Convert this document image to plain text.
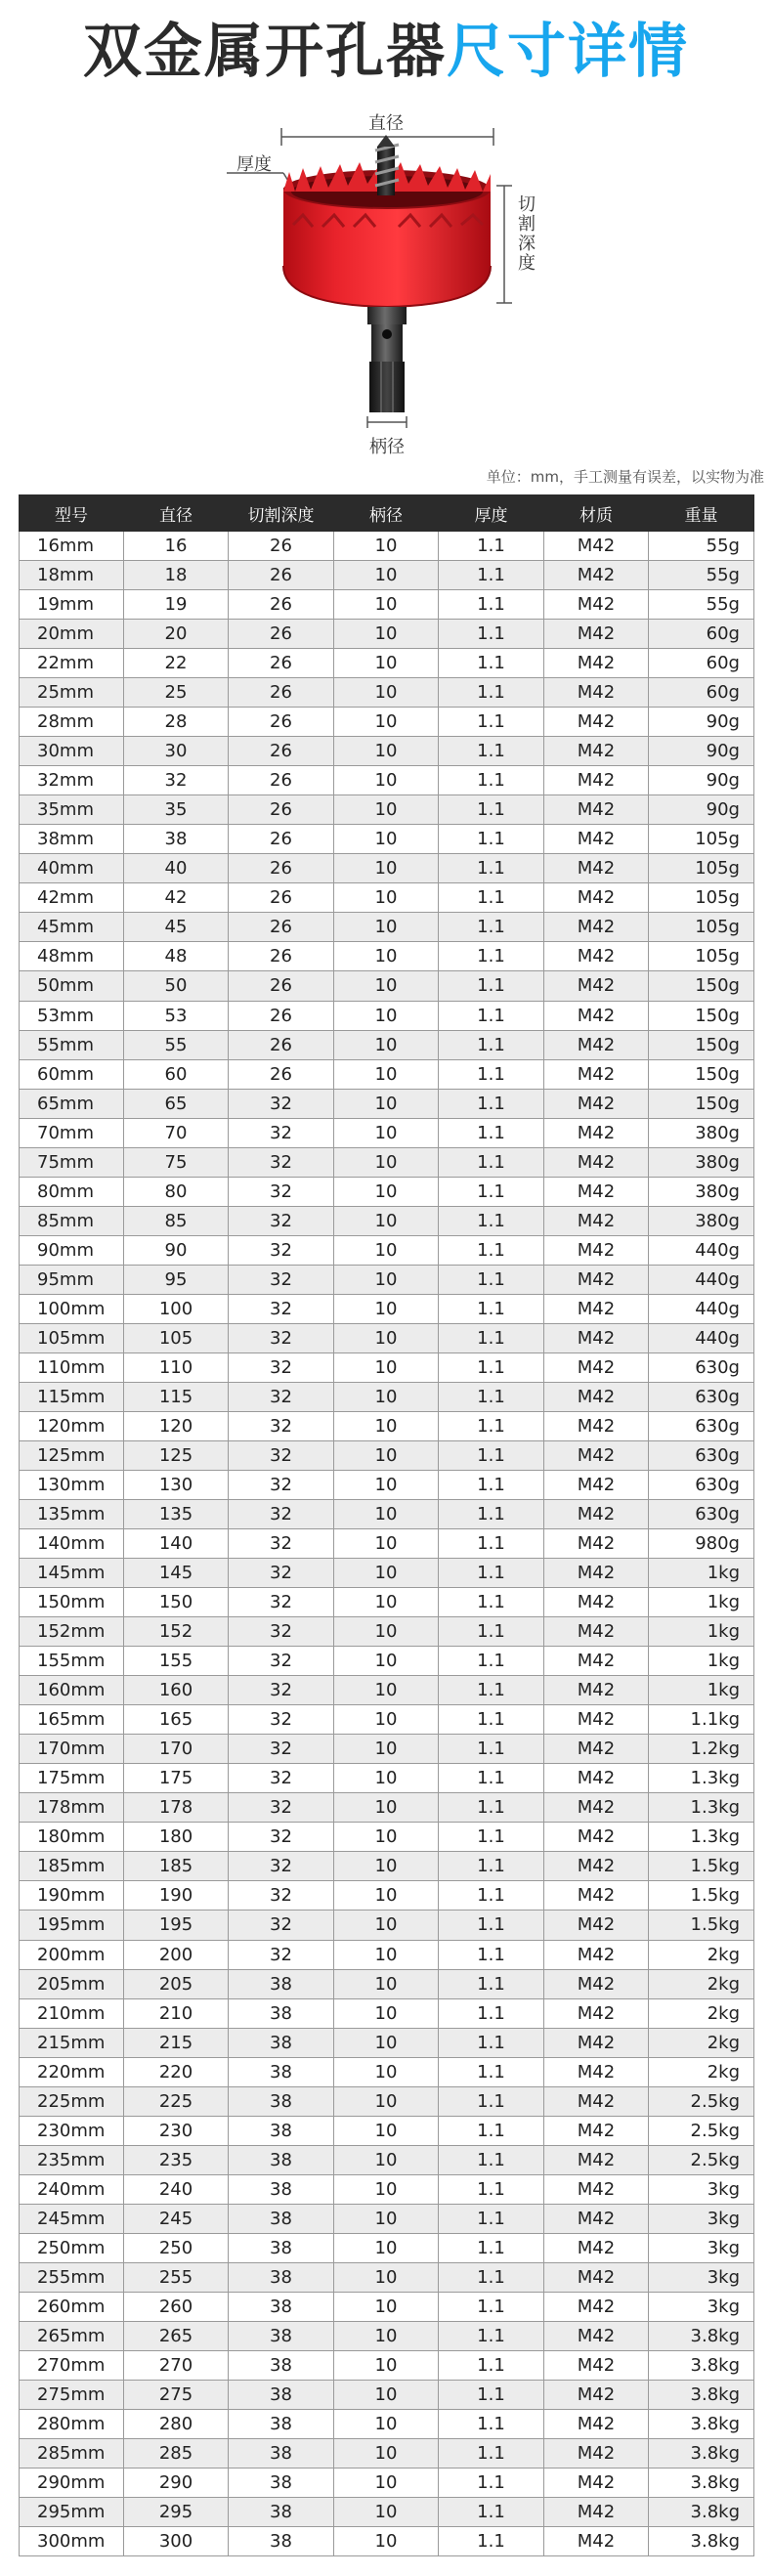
双金属开孔器尺寸详情
直径
厚度
切割深度
柄径
单位：mm，手工测量有误差，以实物为准
型号	直径	切割深度	柄径	厚度	材质	重量
16mm	16	26	10	1.1	M42	55g
18mm	18	26	10	1.1	M42	55g
19mm	19	26	10	1.1	M42	55g
20mm	20	26	10	1.1	M42	60g
22mm	22	26	10	1.1	M42	60g
25mm	25	26	10	1.1	M42	60g
28mm	28	26	10	1.1	M42	90g
30mm	30	26	10	1.1	M42	90g
32mm	32	26	10	1.1	M42	90g
35mm	35	26	10	1.1	M42	90g
38mm	38	26	10	1.1	M42	105g
40mm	40	26	10	1.1	M42	105g
42mm	42	26	10	1.1	M42	105g
45mm	45	26	10	1.1	M42	105g
48mm	48	26	10	1.1	M42	105g
50mm	50	26	10	1.1	M42	150g
53mm	53	26	10	1.1	M42	150g
55mm	55	26	10	1.1	M42	150g
60mm	60	26	10	1.1	M42	150g
65mm	65	32	10	1.1	M42	150g
70mm	70	32	10	1.1	M42	380g
75mm	75	32	10	1.1	M42	380g
80mm	80	32	10	1.1	M42	380g
85mm	85	32	10	1.1	M42	380g
90mm	90	32	10	1.1	M42	440g
95mm	95	32	10	1.1	M42	440g
100mm	100	32	10	1.1	M42	440g
105mm	105	32	10	1.1	M42	440g
110mm	110	32	10	1.1	M42	630g
115mm	115	32	10	1.1	M42	630g
120mm	120	32	10	1.1	M42	630g
125mm	125	32	10	1.1	M42	630g
130mm	130	32	10	1.1	M42	630g
135mm	135	32	10	1.1	M42	630g
140mm	140	32	10	1.1	M42	980g
145mm	145	32	10	1.1	M42	1kg
150mm	150	32	10	1.1	M42	1kg
152mm	152	32	10	1.1	M42	1kg
155mm	155	32	10	1.1	M42	1kg
160mm	160	32	10	1.1	M42	1kg
165mm	165	32	10	1.1	M42	1.1kg
170mm	170	32	10	1.1	M42	1.2kg
175mm	175	32	10	1.1	M42	1.3kg
178mm	178	32	10	1.1	M42	1.3kg
180mm	180	32	10	1.1	M42	1.3kg
185mm	185	32	10	1.1	M42	1.5kg
190mm	190	32	10	1.1	M42	1.5kg
195mm	195	32	10	1.1	M42	1.5kg
200mm	200	32	10	1.1	M42	2kg
205mm	205	38	10	1.1	M42	2kg
210mm	210	38	10	1.1	M42	2kg
215mm	215	38	10	1.1	M42	2kg
220mm	220	38	10	1.1	M42	2kg
225mm	225	38	10	1.1	M42	2.5kg
230mm	230	38	10	1.1	M42	2.5kg
235mm	235	38	10	1.1	M42	2.5kg
240mm	240	38	10	1.1	M42	3kg
245mm	245	38	10	1.1	M42	3kg
250mm	250	38	10	1.1	M42	3kg
255mm	255	38	10	1.1	M42	3kg
260mm	260	38	10	1.1	M42	3kg
265mm	265	38	10	1.1	M42	3.8kg
270mm	270	38	10	1.1	M42	3.8kg
275mm	275	38	10	1.1	M42	3.8kg
280mm	280	38	10	1.1	M42	3.8kg
285mm	285	38	10	1.1	M42	3.8kg
290mm	290	38	10	1.1	M42	3.8kg
295mm	295	38	10	1.1	M42	3.8kg
300mm	300	38	10	1.1	M42	3.8kg
